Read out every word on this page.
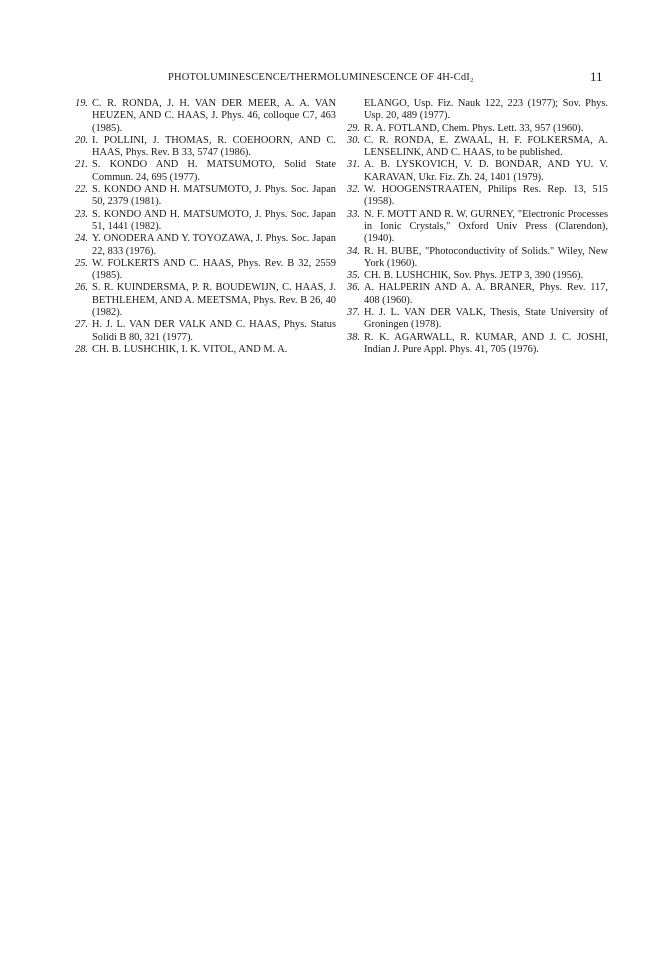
PHOTOLUMINESCENCE/THERMOLUMINESCENCE OF 4H-CdI₂	11
19. C. R. RONDA, J. H. VAN DER MEER, A. A. VAN HEUZEN, AND C. HAAS, J. Phys. 46, colloque C7, 463 (1985).
20. I. POLLINI, J. THOMAS, R. COEHOORN, AND C. HAAS, Phys. Rev. B 33, 5747 (1986).
21. S. KONDO AND H. MATSUMOTO, Solid State Commun. 24, 695 (1977).
22. S. KONDO AND H. MATSUMOTO, J. Phys. Soc. Japan 50, 2379 (1981).
23. S. KONDO AND H. MATSUMOTO, J. Phys. Soc. Japan 51, 1441 (1982).
24. Y. ONODERA AND Y. TOYOZAWA, J. Phys. Soc. Japan 22, 833 (1976).
25. W. FOLKERTS AND C. HAAS, Phys. Rev. B 32, 2559 (1985).
26. S. R. KUINDERSMA, P. R. BOUDEWIJN, C. HAAS, J. BETHLEHEM, AND A. MEETSMA, Phys. Rev. B 26, 40 (1982).
27. H. J. L. VAN DER VALK AND C. HAAS, Phys. Status Solidi B 80, 321 (1977).
28. CH. B. LUSHCHIK, I. K. VITOL, AND M. A.
ELANGO, Usp. Fiz. Nauk 122, 223 (1977); Sov. Phys. Usp. 20, 489 (1977).
29. R. A. FOTLAND, Chem. Phys. Lett. 33, 957 (1960).
30. C. R. RONDA, E. ZWAAL, H. F. FOLKERSMA, A. LENSELINK, AND C. HAAS, to be published.
31. A. B. LYSKOVICH, V. D. BONDAR, AND YU. V. KARAVAN, Ukr. Fiz. Zh. 24, 1401 (1979).
32. W. HOOGENSTRAATEN, Philips Res. Rep. 13, 515 (1958).
33. N. F. MOTT AND R. W. GURNEY, "Electronic Processes in Ionic Crystals," Oxford Univ Press (Clarendon), (1940).
34. R. H. BUBE, "Photoconductivity of Solids." Wiley, New York (1960).
35. CH. B. LUSHCHIK, Sov. Phys. JETP 3, 390 (1956).
36. A. HALPERIN AND A. A. BRANER, Phys. Rev. 117, 408 (1960).
37. H. J. L. VAN DER VALK, Thesis, State University of Groningen (1978).
38. R. K. AGARWALL, R. KUMAR, AND J. C. JOSHI, Indian J. Pure Appl. Phys. 41, 705 (1976).
